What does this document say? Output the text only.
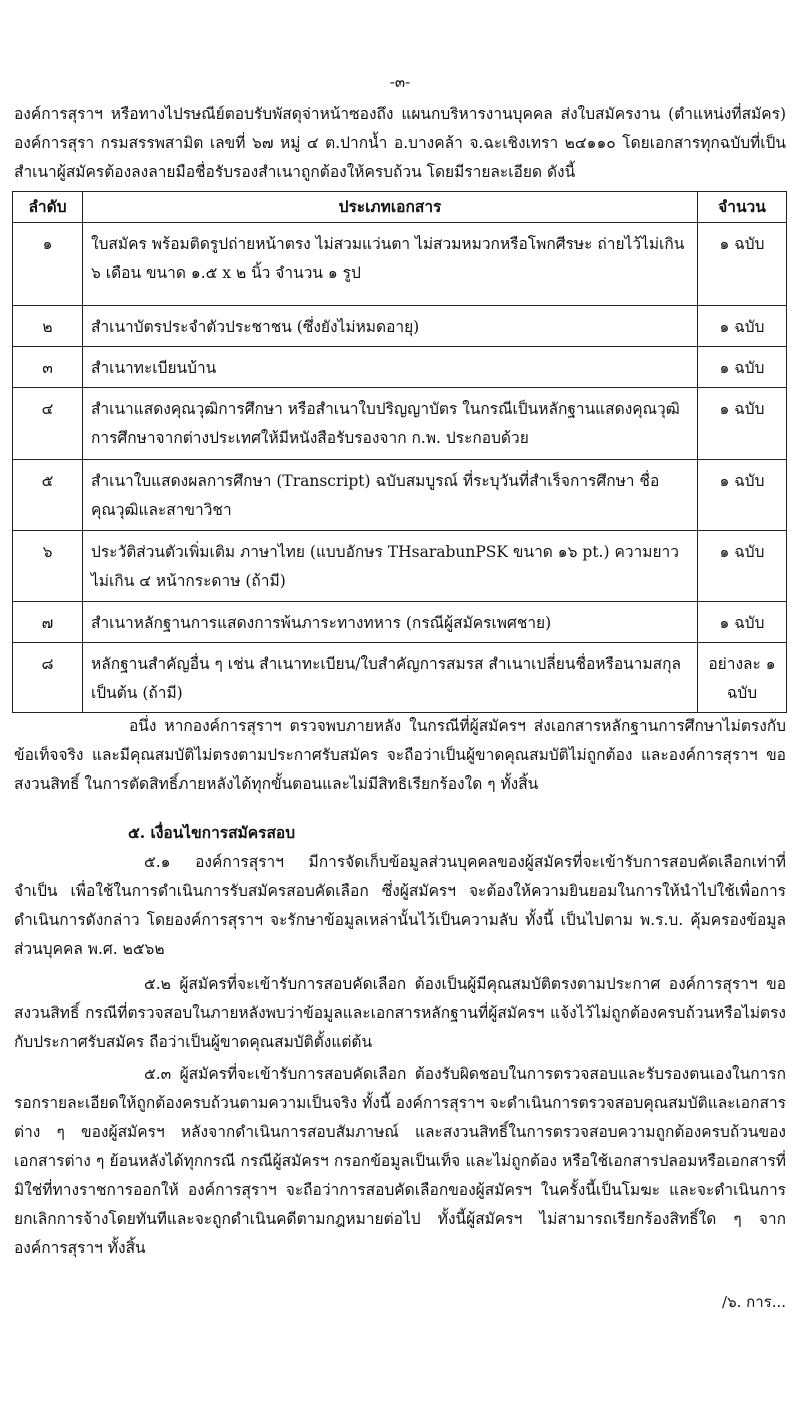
-๓-
องค์การสุราฯ หรือทางไปรษณีย์ตอบรับพัสดุจ่าหน้าซองถึง แผนกบริหารงานบุคคล ส่งใบสมัครงาน (ตำแหน่งที่สมัคร) องค์การสุรา กรมสรรพสามิต เลขที่ ๖๗ หมู่ ๔ ต.ปากน้ำ อ.บางคล้า จ.ฉะเชิงเทรา ๒๔๑๑๐ โดยเอกสารทุกฉบับที่เป็นสำเนาผู้สมัครต้องลงลายมือชื่อรับรองสำเนาถูกต้องให้ครบถ้วน โดยมีรายละเอียด ดังนี้
ลำดับ	ประเภทเอกสาร	จำนวน
๑	ใบสมัคร พร้อมติดรูปถ่ายหน้าตรง ไม่สวมแว่นตา ไม่สวมหมวกหรือโพกศีรษะ ถ่ายไว้ไม่เกิน ๖ เดือน ขนาด ๑.๕ x ๒ นิ้ว จำนวน ๑ รูป	๑ ฉบับ
๒	สำเนาบัตรประจำตัวประชาชน (ซึ่งยังไม่หมดอายุ)	๑ ฉบับ
๓	สำเนาทะเบียนบ้าน	๑ ฉบับ
๔	สำเนาแสดงคุณวุฒิการศึกษา หรือสำเนาใบปริญญาบัตร ในกรณีเป็นหลักฐานแสดงคุณวุฒิการศึกษาจากต่างประเทศให้มีหนังสือรับรองจาก ก.พ. ประกอบด้วย	๑ ฉบับ
๕	สำเนาใบแสดงผลการศึกษา (Transcript) ฉบับสมบูรณ์ ที่ระบุวันที่สำเร็จการศึกษา ชื่อคุณวุฒิและสาขาวิชา	๑ ฉบับ
๖	ประวัติส่วนตัวเพิ่มเติม ภาษาไทย (แบบอักษร THsarabunPSK ขนาด ๑๖ pt.) ความยาวไม่เกิน ๔ หน้ากระดาษ (ถ้ามี)	๑ ฉบับ
๗	สำเนาหลักฐานการแสดงการพ้นภาระทางทหาร (กรณีผู้สมัครเพศชาย)	๑ ฉบับ
๘	หลักฐานสำคัญอื่น ๆ เช่น สำเนาทะเบียน/ใบสำคัญการสมรส สำเนาเปลี่ยนชื่อหรือนามสกุล เป็นต้น (ถ้ามี)	อย่างละ ๑ ฉบับ
อนึ่ง หากองค์การสุราฯ ตรวจพบภายหลัง ในกรณีที่ผู้สมัครฯ ส่งเอกสารหลักฐานการศึกษาไม่ตรงกับข้อเท็จจริง และมีคุณสมบัติไม่ตรงตามประกาศรับสมัคร จะถือว่าเป็นผู้ขาดคุณสมบัติไม่ถูกต้อง และองค์การสุราฯ ขอสงวนสิทธิ์ ในการตัดสิทธิ์ภายหลังได้ทุกขั้นตอนและไม่มีสิทธิเรียกร้องใด ๆ ทั้งสิ้น
๕. เงื่อนไขการสมัครสอบ
๕.๑ องค์การสุราฯ มีการจัดเก็บข้อมูลส่วนบุคคลของผู้สมัครที่จะเข้ารับการสอบคัดเลือกเท่าที่จำเป็น เพื่อใช้ในการดำเนินการรับสมัครสอบคัดเลือก ซึ่งผู้สมัครฯ จะต้องให้ความยินยอมในการให้นำไปใช้เพื่อการดำเนินการดังกล่าว โดยองค์การสุราฯ จะรักษาข้อมูลเหล่านั้นไว้เป็นความลับ ทั้งนี้ เป็นไปตาม พ.ร.บ. คุ้มครองข้อมูลส่วนบุคคล พ.ศ. ๒๕๖๒
๕.๒ ผู้สมัครที่จะเข้ารับการสอบคัดเลือก ต้องเป็นผู้มีคุณสมบัติตรงตามประกาศ องค์การสุราฯ ขอสงวนสิทธิ์ กรณีที่ตรวจสอบในภายหลังพบว่าข้อมูลและเอกสารหลักฐานที่ผู้สมัครฯ แจ้งไว้ไม่ถูกต้องครบถ้วนหรือไม่ตรงกับประกาศรับสมัคร ถือว่าเป็นผู้ขาดคุณสมบัติตั้งแต่ต้น
๕.๓ ผู้สมัครที่จะเข้ารับการสอบคัดเลือก ต้องรับผิดชอบในการตรวจสอบและรับรองตนเองในการกรอกรายละเอียดให้ถูกต้องครบถ้วนตามความเป็นจริง ทั้งนี้ องค์การสุราฯ จะดำเนินการตรวจสอบคุณสมบัติและเอกสารต่าง ๆ ของผู้สมัครฯ หลังจากดำเนินการสอบสัมภาษณ์ และสงวนสิทธิ์ในการตรวจสอบความถูกต้องครบถ้วนของเอกสารต่าง ๆ ย้อนหลังได้ทุกกรณี กรณีผู้สมัครฯ กรอกข้อมูลเป็นเท็จ และไม่ถูกต้อง หรือใช้เอกสารปลอมหรือเอกสารที่มิใช่ที่ทางราชการออกให้ องค์การสุราฯ จะถือว่าการสอบคัดเลือกของผู้สมัครฯ ในครั้งนี้เป็นโมฆะ และจะดำเนินการยกเลิกการจ้างโดยทันทีและจะถูกดำเนินคดีตามกฎหมายต่อไป ทั้งนี้ผู้สมัครฯ ไม่สามารถเรียกร้องสิทธิ์ใด ๆ จากองค์การสุราฯ ทั้งสิ้น
/๖. การ...
